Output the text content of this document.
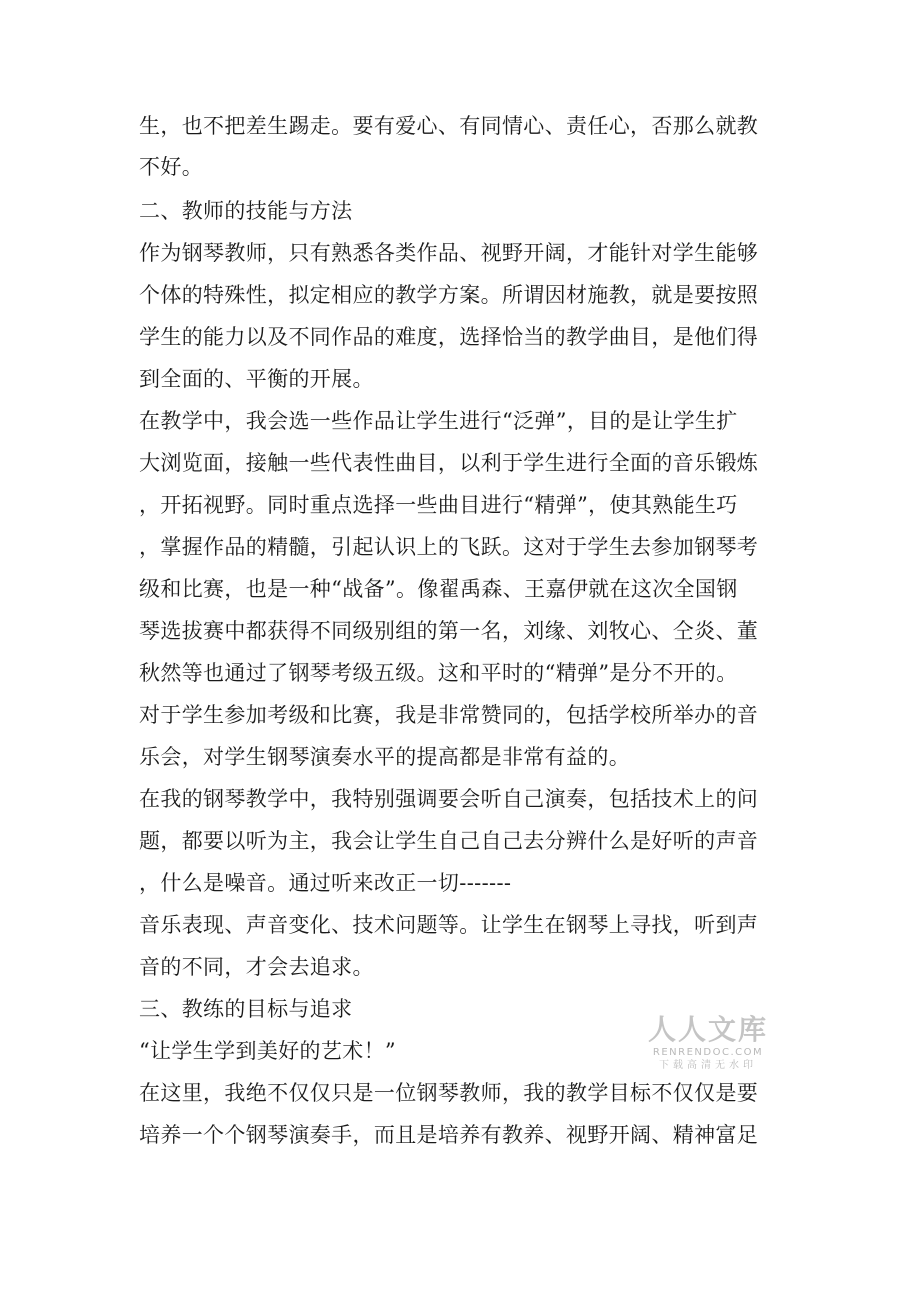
生，也不把差生踢走。要有爱心、有同情心、责任心，否那么就教
不好。
二、教师的技能与方法
作为钢琴教师，只有熟悉各类作品、视野开阔，才能针对学生能够
个体的特殊性，拟定相应的教学方案。所谓因材施教，就是要按照
学生的能力以及不同作品的难度，选择恰当的教学曲目，是他们得
到全面的、平衡的开展。
在教学中，我会选一些作品让学生进行“泛弹”，目的是让学生扩
大浏览面，接触一些代表性曲目，以利于学生进行全面的音乐锻炼
，开拓视野。同时重点选择一些曲目进行“精弹”，使其熟能生巧
，掌握作品的精髓，引起认识上的飞跃。这对于学生去参加钢琴考
级和比赛，也是一种“战备”。像翟禹森、王嘉伊就在这次全国钢
琴选拔赛中都获得不同级别组的第一名，刘缘、刘牧心、仝炎、董
秋然等也通过了钢琴考级五级。这和平时的“精弹”是分不开的。
对于学生参加考级和比赛，我是非常赞同的，包括学校所举办的音
乐会，对学生钢琴演奏水平的提高都是非常有益的。
在我的钢琴教学中，我特别强调要会听自己演奏，包括技术上的问
题，都要以听为主，我会让学生自己自己去分辨什么是好听的声音
，什么是噪音。通过听来改正一切-------
音乐表现、声音变化、技术问题等。让学生在钢琴上寻找，听到声
音的不同，才会去追求。
三、教练的目标与追求
“让学生学到美好的艺术！”
在这里，我绝不仅仅只是一位钢琴教师，我的教学目标不仅仅是要
培养一个个钢琴演奏手，而且是培养有教养、视野开阔、精神富足
人人文库
RENRENDOC.COM
下载高清无水印
